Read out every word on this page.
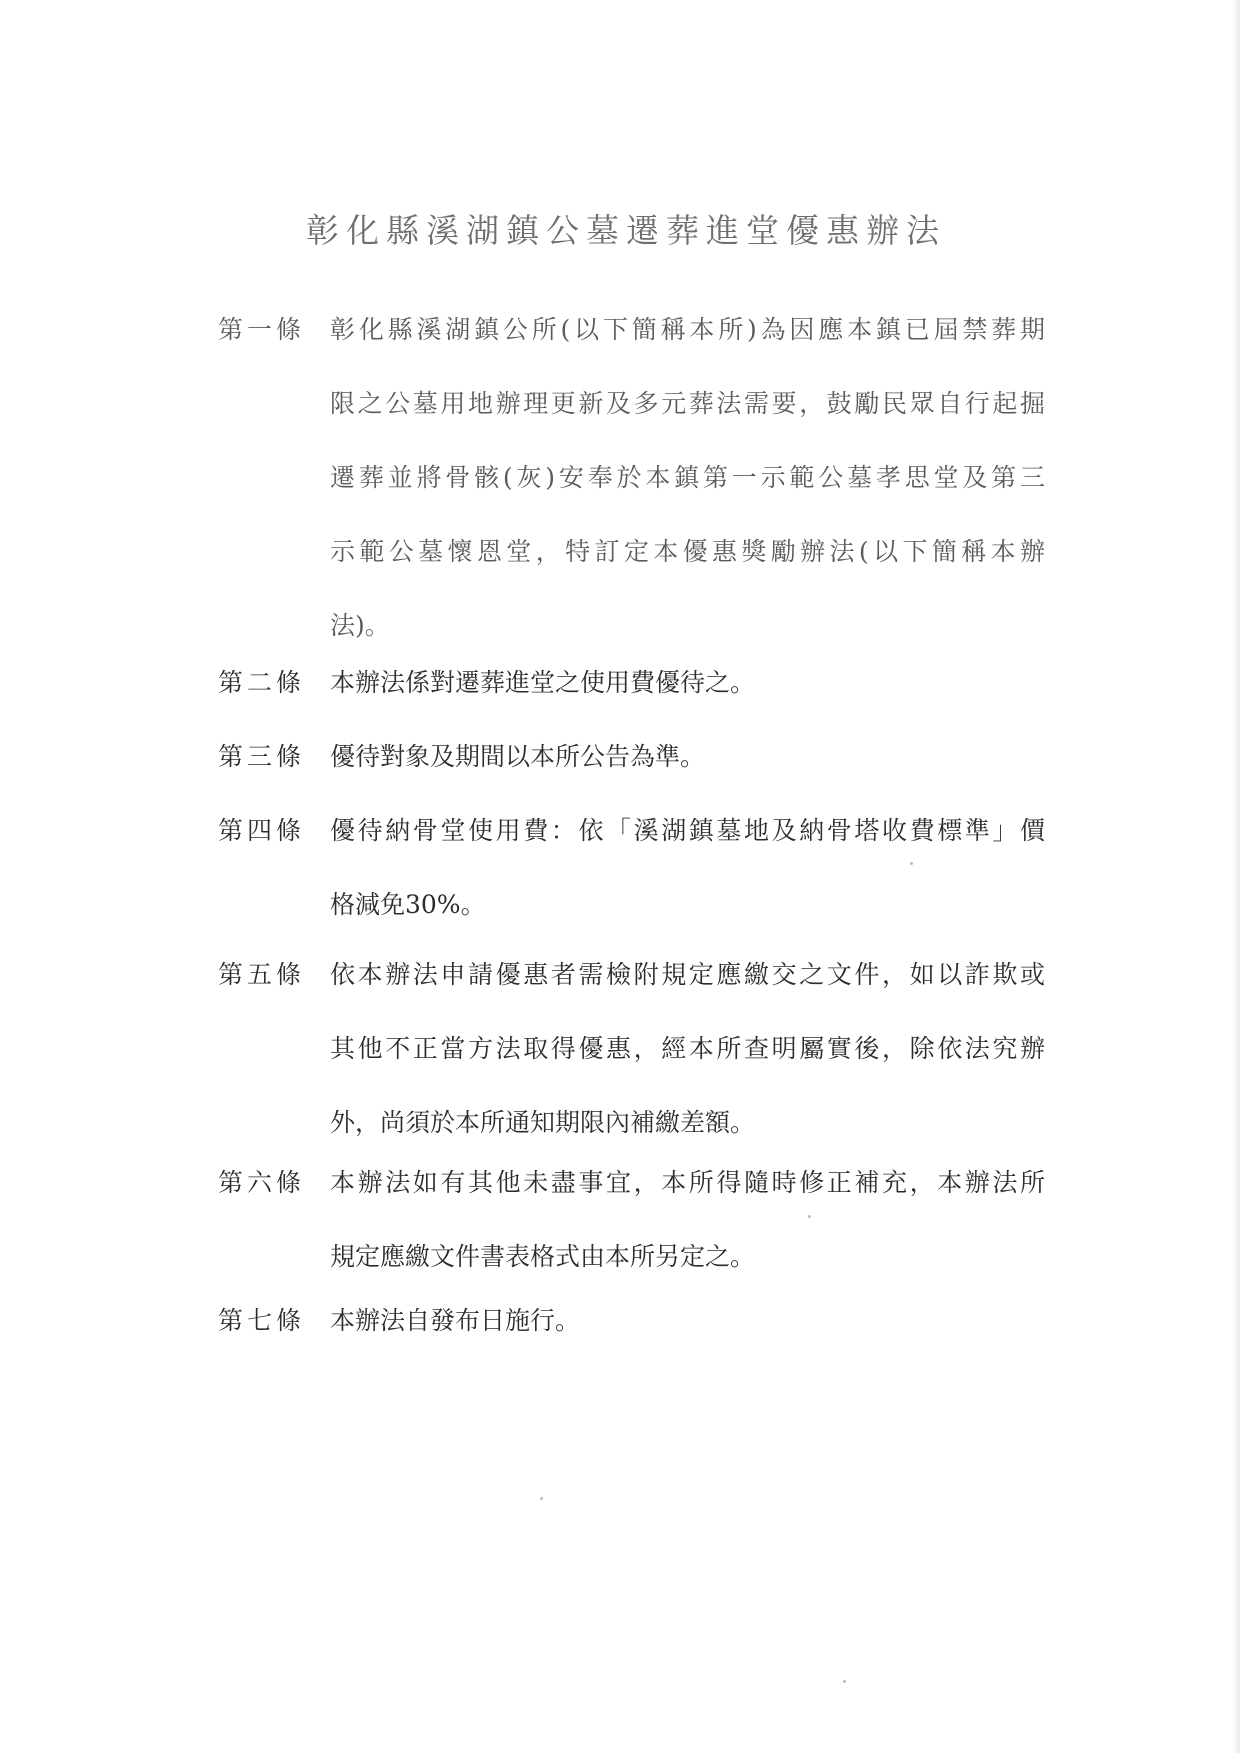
彰化縣溪湖鎮公墓遷葬進堂優惠辦法
第一條 彰化縣溪湖鎮公所(以下簡稱本所)為因應本鎮已屆禁葬期
限之公墓用地辦理更新及多元葬法需要，鼓勵民眾自行起掘
遷葬並將骨骸(灰)安奉於本鎮第一示範公墓孝思堂及第三
示範公墓懷恩堂，特訂定本優惠獎勵辦法(以下簡稱本辦
法)。
第二條 本辦法係對遷葬進堂之使用費優待之。
第三條 優待對象及期間以本所公告為準。
第四條 優待納骨堂使用費：依「溪湖鎮墓地及納骨塔收費標準」價
格減免30%。
第五條 依本辦法申請優惠者需檢附規定應繳交之文件，如以詐欺或
其他不正當方法取得優惠，經本所查明屬實後，除依法究辦
外，尚須於本所通知期限內補繳差額。
第六條 本辦法如有其他未盡事宜，本所得隨時修正補充，本辦法所
規定應繳文件書表格式由本所另定之。
第七條 本辦法自發布日施行。
